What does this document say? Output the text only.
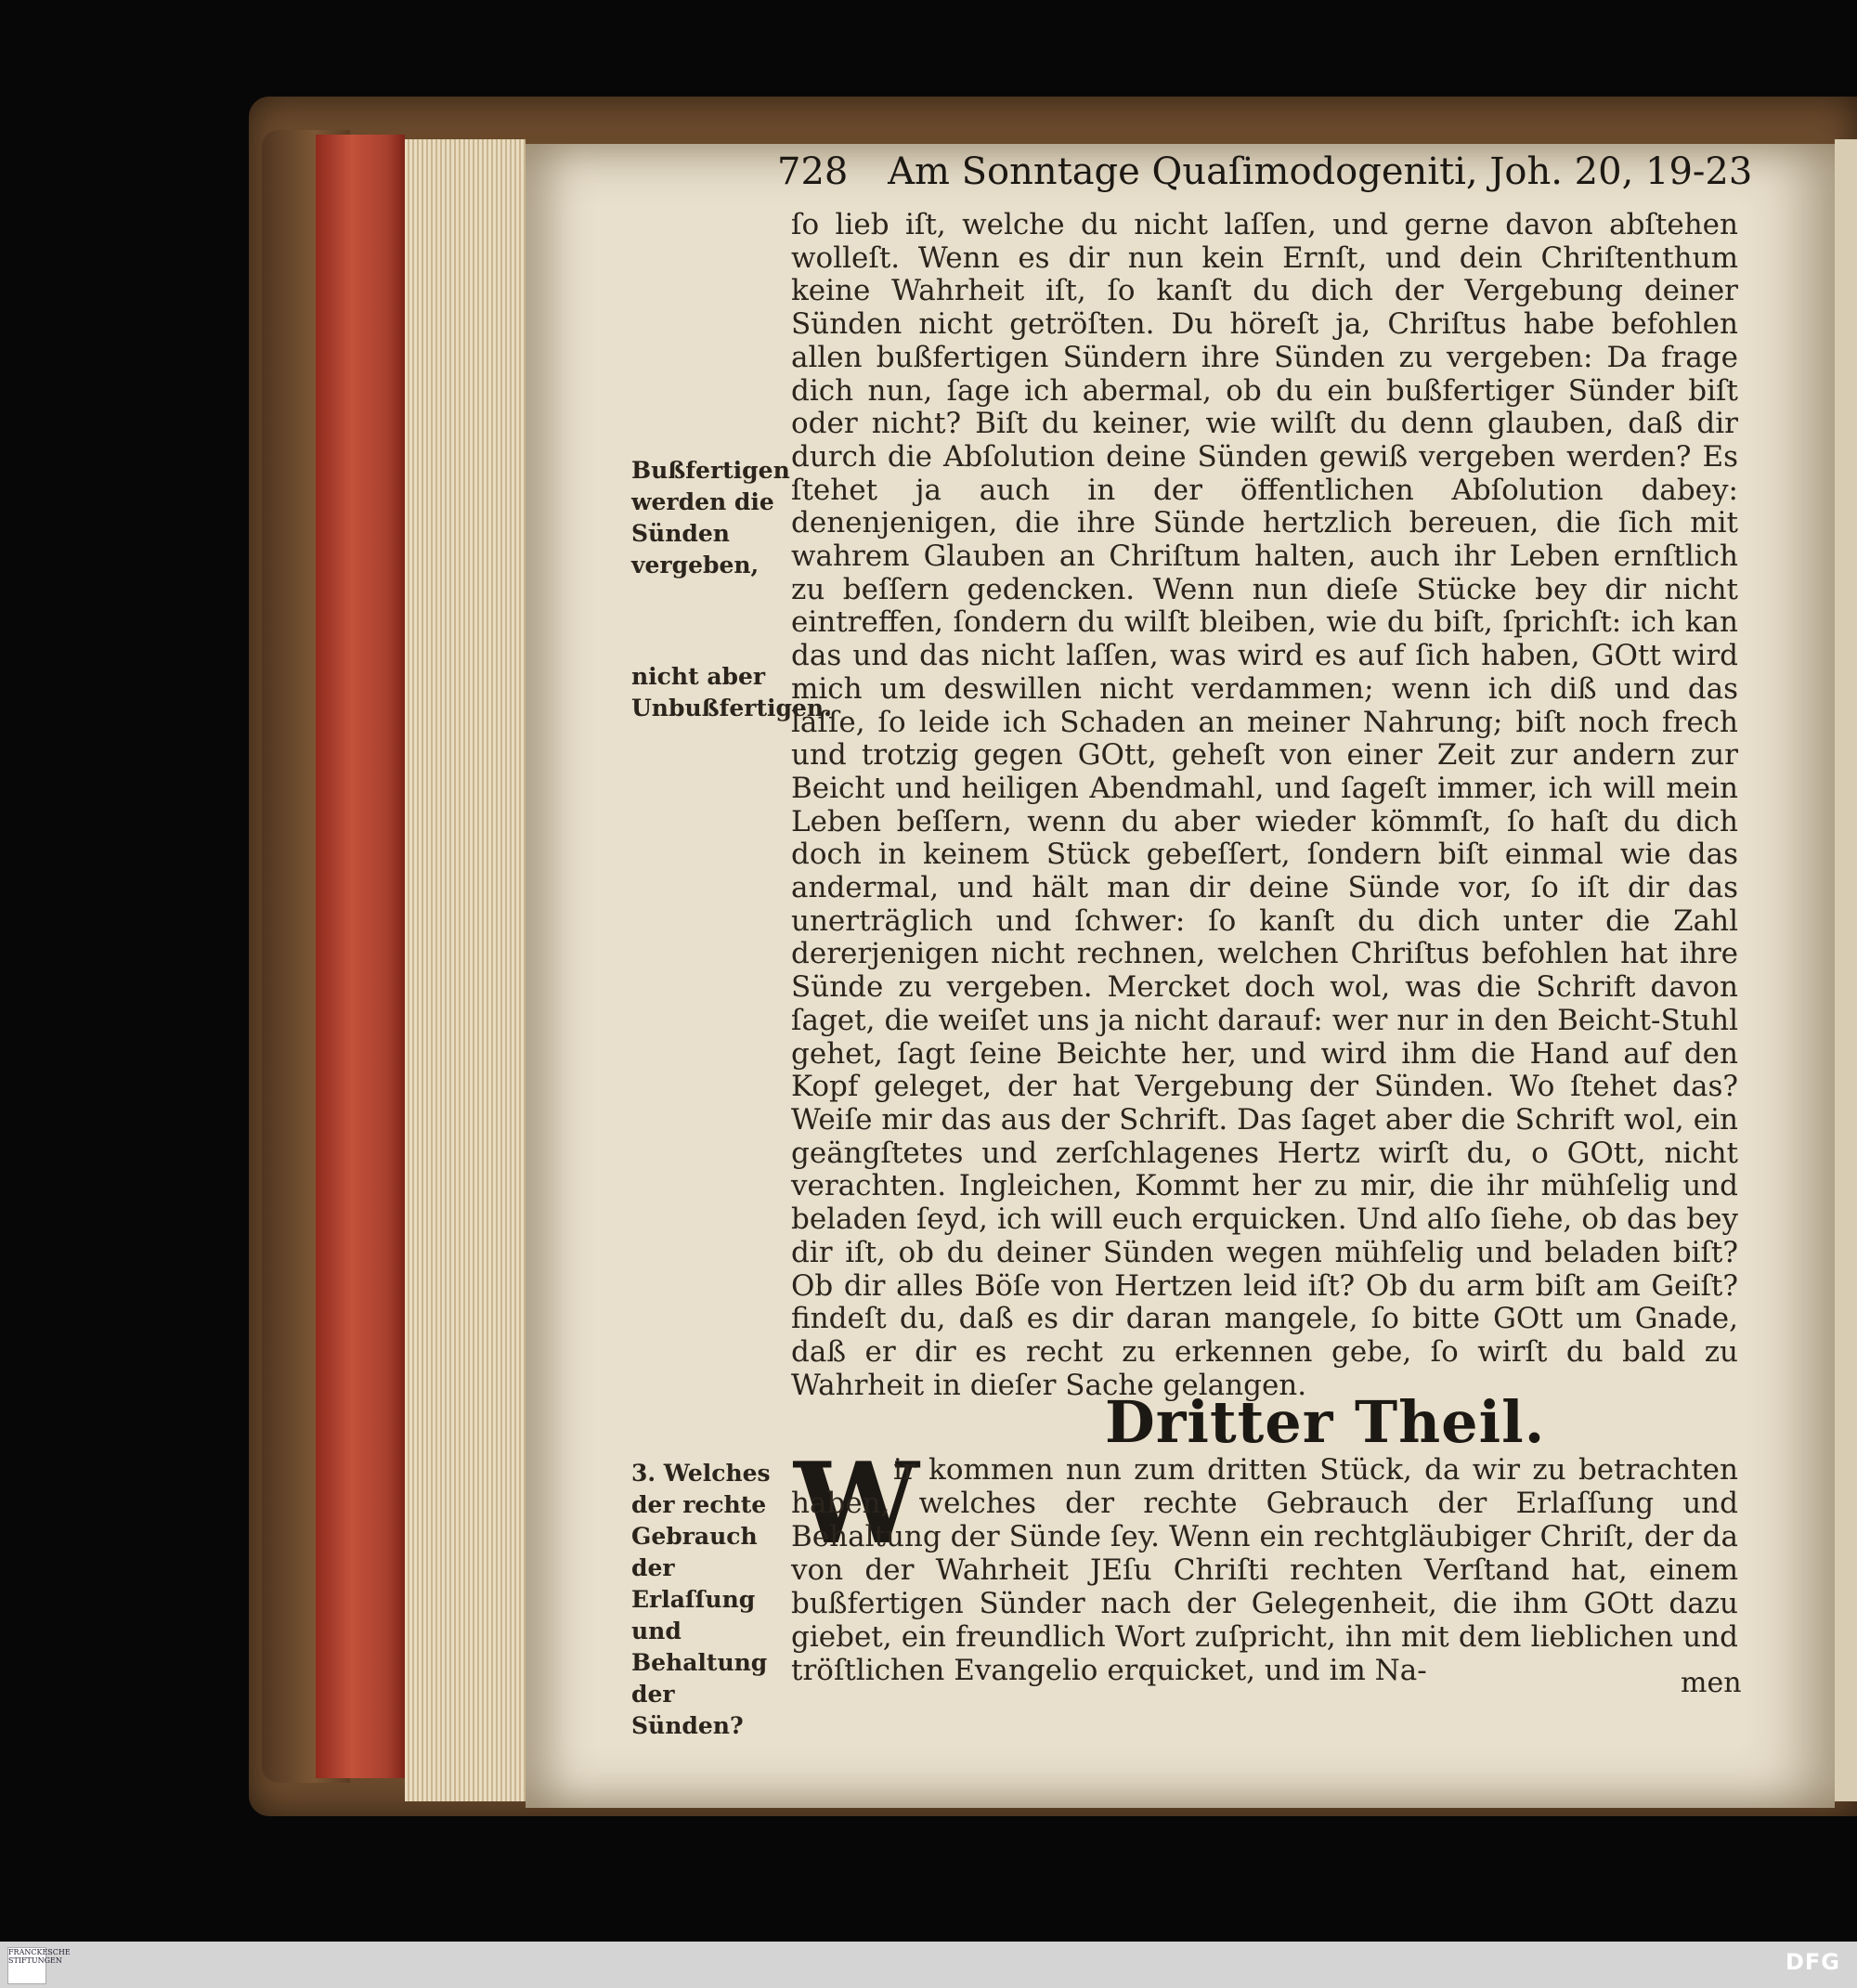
728 Am Sonntage Quaſimodogeniti, Joh. 20, 19-23

ſo lieb iſt, welche du nicht laſſen, und gerne davon abſtehen wolleſt. Wenn es dir nun kein Ernſt, und dein Chriſtenthum keine Wahrheit iſt, ſo kanſt du dich der Vergebung deiner Sünden nicht getröſten. Du höreſt ja, Chriſtus habe befohlen allen bußfertigen Sündern ihre Sünden zu vergeben: Da frage dich nun, ſage ich abermal, ob du ein bußfertiger Sünder biſt oder nicht? Biſt du keiner, wie wilſt du denn glauben, daß dir durch die Abſolution deine Sünden gewiß vergeben werden? Es ſtehet ja auch in der öffentlichen Abſolution dabey: denenjenigen, die ihre Sünde hertzlich bereuen, die ſich mit wahrem Glauben an Chriſtum halten, auch ihr Leben ernſtlich zu beſſern gedencken. Wenn nun dieſe Stücke bey dir nicht eintreffen, ſondern du wilſt bleiben, wie du biſt, ſprichſt: ich kan das und das nicht laſſen, was wird es auf ſich haben, GOtt wird mich um deswillen nicht verdammen; wenn ich diß und das laſſe, ſo leide ich Schaden an meiner Nahrung; biſt noch frech und trotzig gegen GOtt, geheſt von einer Zeit zur andern zur Beicht und heiligen Abendmahl, und ſageſt immer, ich will mein Leben beſſern, wenn du aber wieder kömmſt, ſo haſt du dich doch in keinem Stück gebeſſert, ſondern biſt einmal wie das andermal, und hält man dir deine Sünde vor, ſo iſt dir das unerträglich und ſchwer: ſo kanſt du dich unter die Zahl dererjenigen nicht rechnen, welchen Chriſtus befohlen hat ihre Sünde zu vergeben. Mercket doch wol, was die Schrift davon ſaget, die weiſet uns ja nicht darauf: wer nur in den Beicht-Stuhl gehet, ſagt ſeine Beichte her, und wird ihm die Hand auf den Kopf geleget, der hat Vergebung der Sünden. Wo ſtehet das? Weiſe mir das aus der Schrift. Das ſaget aber die Schrift wol, ein geängſtetes und zerſchlagenes Hertz wirſt du, o GOtt, nicht verachten. Ingleichen, Kommt her zu mir, die ihr mühſelig und beladen ſeyd, ich will euch erquicken. Und alſo ſiehe, ob das bey dir iſt, ob du deiner Sünden wegen mühſelig und beladen biſt? Ob dir alles Böſe von Hertzen leid iſt? Ob du arm biſt am Geiſt? findeſt du, daß es dir daran mangele, ſo bitte GOtt um Gnade, daß er dir es recht zu erkennen gebe, ſo wirſt du bald zu Wahrheit in dieſer Sache gelangen.

Bußfertigen werden die Sünden vergeben,
nicht aber Unbußfertigen.
3. Welches der rechte Gebrauch der Erlaſſung und Behaltung der Sünden?
Dritter Theil.
W

ir kommen nun zum dritten Stück, da wir zu betrachten haben, welches der rechte Gebrauch der Erlaſſung und Behaltung der Sünde ſey. Wenn ein rechtgläubiger Chriſt, der da von der Wahrheit JEſu Chriſti rechten Verſtand hat, einem bußfertigen Sünder nach der Gelegenheit, die ihm GOtt dazu giebet, ein freundlich Wort zuſpricht, ihn mit dem lieblichen und tröſtlichen Evangelio erquicket, und im Na-	men
FRANCKESCHE STIFTUNGEN	DFG
